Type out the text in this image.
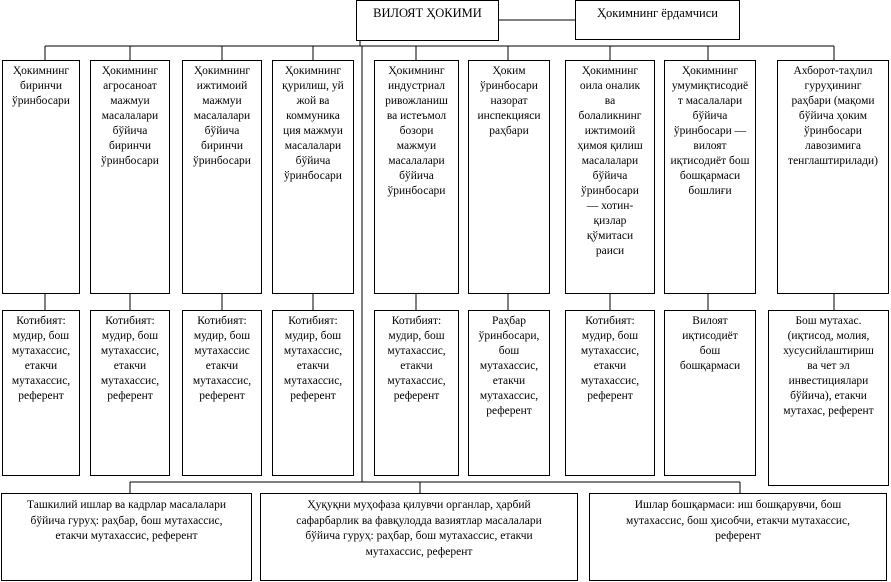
ВИЛОЯТ ҲОКИМИ	Ҳокимнинг ёрдамчиси
Ҳокимнинг
биринчи
ўринбосари
Ҳокимнинг
агросаноат
мажмуи
масалалари
бўйича
биринчи
ўринбосари
Ҳокимнинг
ижтимоий
мажмуи
масалалари
бўйича
биринчи
ўринбосари
Ҳокимнинг
қурилиш, уй
жой ва
коммуника
ция мажмуи
масалалари
бўйича
ўринбосари
Ҳокимнинг
индустриал
ривожланиш
ва истеъмол
бозори
мажмуи
масалалари
бўйича
ўринбосари
Ҳоким
ўринбосари
назорат
инспекцияси
раҳбари
Ҳокимнинг
оила оналик
ва
болаликнинг
ижтимоий
ҳимоя қилиш
масалалари
бўйича
ўринбосари
— хотин-
қизлар
қўмитаси
раиси
Ҳокимнинг
умумиқтисодиё
т масалалари
бўйича
ўринбосари —
вилоят
иқтисодиёт бош
бошқармаси
бошлиғи
Ахборот-таҳлил
гуруҳининг
раҳбари (мақоми
бўйича ҳоким
ўринбосари
лавозимига
тенглаштирилади)
Котибият:
мудир, бош
мутахассис,
етакчи
мутахассис,
референт
Котибият:
мудир, бош
мутахассис,
етакчи
мутахассис,
референт
Котибият:
мудир, бош
мутахассис
етакчи
мутахассис,
референт
Котибият:
мудир, бош
мутахассис,
етакчи
мутахассис,
референт
Котибият:
мудир, бош
мутахассис,
етакчи
мутахассис,
референт
Раҳбар
ўринбосари,
бош
мутахассис,
етакчи
мутахассис,
референт
Котибият:
мудир, бош
мутахассис,
етакчи
мутахассис,
референт
Вилоят
иқтисодиёт
бош
бошқармаси
Бош мутахас.
(иқтисод, молия,
хусусийлаштириш
ва чет эл
инвестициялари
бўйича), етакчи
мутахас, референт
Ташкилий ишлар ва кадрлар масалалари
бўйича гуруҳ: раҳбар, бош мутахассис,
етакчи мутахассис, референт
Ҳуқуқни муҳофаза қилувчи органлар, ҳарбий
сафарбарлик ва фавқулодда вазиятлар масалалари
бўйича гуруҳ: раҳбар, бош мутахассис, етакчи
мутахассис, референт
Ишлар бошқармаси: иш бошқарувчи, бош
мутахассис, бош ҳисобчи, етакчи мутахассис,
референт
